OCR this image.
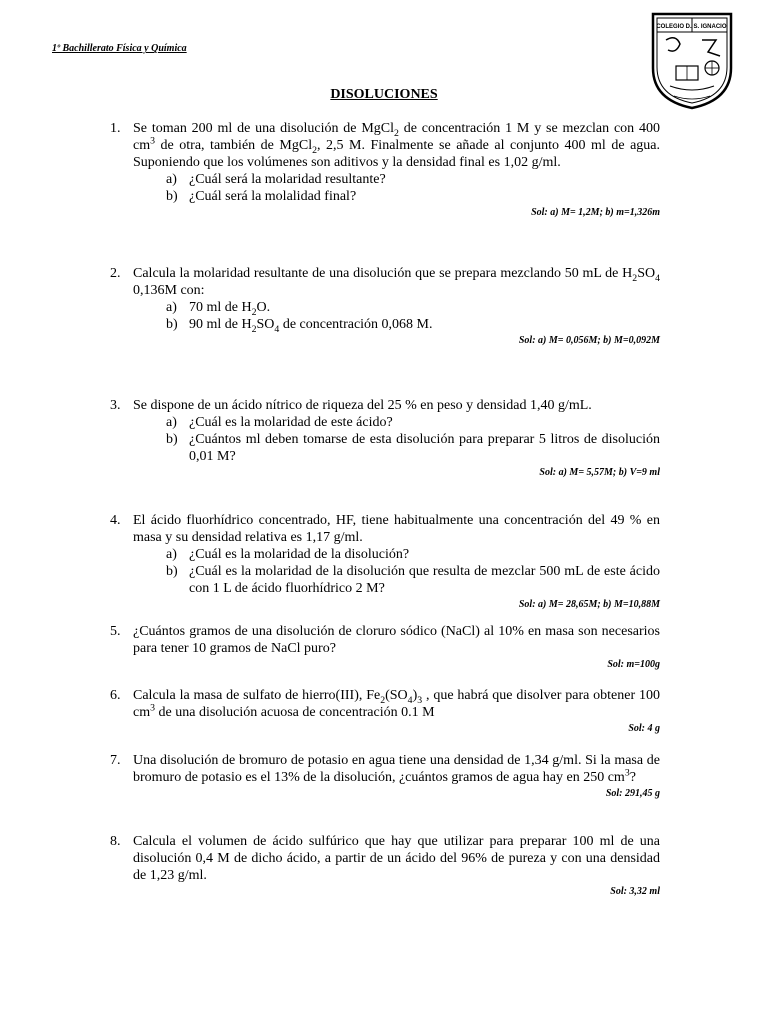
1º Bachillerato Física y Química
COLEGIO D. S. IGNACIO
DISOLUCIONES
1. Se toman 200 ml de una disolución de MgCl$_2$ de concentración 1 M y se mezclan con 400 $cm^3$ de otra, también de MgCl$_2$, 2,5 M. Finalmente se añade al conjunto 400 ml de agua. Suponiendo que los volúmenes son aditivos y la densidad final es 1,02 g/ml.
a) ¿Cuál será la molaridad resultante?
b) ¿Cuál será la molalidad final?
Sol: a) M= 1,2M; b) m=1,326m
2. Calcula la molaridad resultante de una disolución que se prepara mezclando 50 mL de $H_2SO_4$ 0,136M con:
a) 70 ml de $H_2O$.
b) 90 ml de $H_2SO_4$ de concentración 0,068 M.
Sol: a) M= 0,056M; b) M=0,092M
3. Se dispone de un ácido nítrico de riqueza del 25 % en peso y densidad 1,40 g/mL.
a) ¿Cuál es la molaridad de este ácido?
b) ¿Cuántos ml deben tomarse de esta disolución para preparar 5 litros de disolución 0,01 M?
Sol: a) M= 5,57M; b) V=9 ml
4. El ácido fluorhídrico concentrado, HF, tiene habitualmente una concentración del 49 % en masa y su densidad relativa es 1,17 g/ml.
a) ¿Cuál es la molaridad de la disolución?
b) ¿Cuál es la molaridad de la disolución que resulta de mezclar 500 mL de este ácido con 1 L de ácido fluorhídrico 2 M?
Sol: a) M= 28,65M; b) M=10,88M
5. ¿Cuántos gramos de una disolución de cloruro sódico (NaCl) al 10% en masa son necesarios para tener 10 gramos de NaCl puro?
Sol: m=100g
6. Calcula la masa de sulfato de hierro(III), $Fe_2(SO_4)_3$ , que habrá que disolver para obtener 100 $cm^3$ de una disolución acuosa de concentración 0.1 M
Sol: 4 g
7. Una disolución de bromuro de potasio en agua tiene una densidad de 1,34 g/ml. Si la masa de bromuro de potasio es el 13% de la disolución, ¿cuántos gramos de agua hay en 250 $cm^3$?
Sol: 291,45 g
8. Calcula el volumen de ácido sulfúrico que hay que utilizar para preparar 100 ml de una disolución 0,4 M de dicho ácido, a partir de un ácido del 96% de pureza y con una densidad de 1,23 g/ml.
Sol: 3,32 ml
